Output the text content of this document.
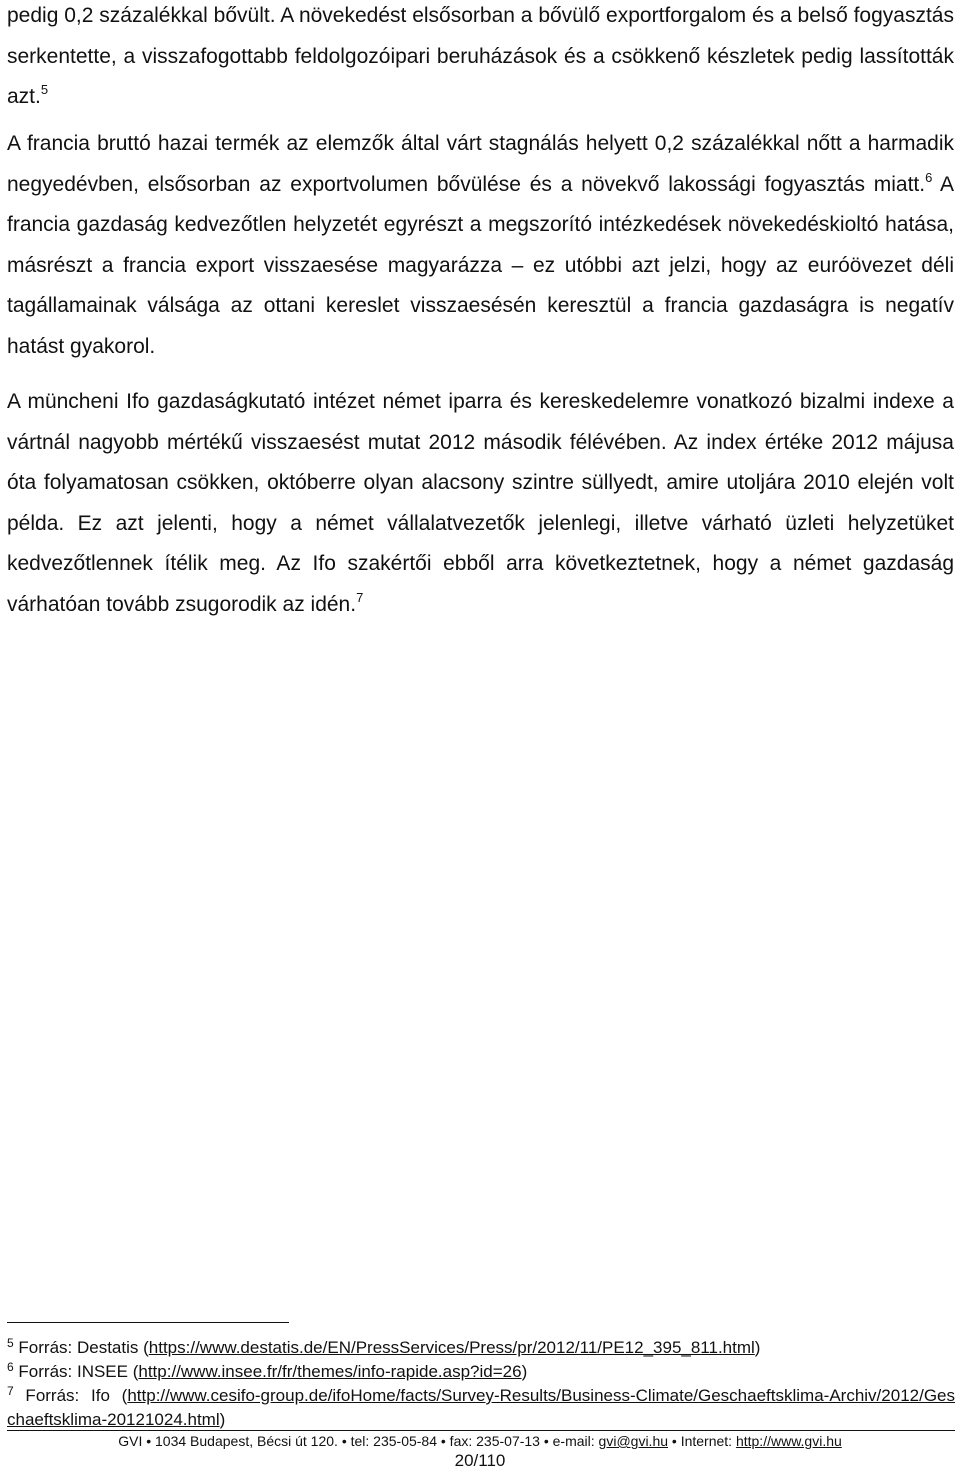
pedig 0,2 százalékkal bővült. A növekedést elsősorban a bővülő exportforgalom és a belső fogyasztás serkentette, a visszafogottabb feldolgozóipari beruházások és a csökkenő készletek pedig lassították azt.$^5$

A francia bruttó hazai termék az elemzők által várt stagnálás helyett 0,2 százalékkal nőtt a harmadik negyedévben, elsősorban az exportvolumen bővülése és a növekvő lakossági fogyasztás miatt.$^6$ A francia gazdaság kedvezőtlen helyzetét egyrészt a megszorító intézkedések növekedéskioltó hatása, másrészt a francia export visszaesése magyarázza – ez utóbbi azt jelzi, hogy az euróövezet déli tagállamainak válsága az ottani kereslet visszaesésén keresztül a francia gazdaságra is negatív hatást gyakorol.

A müncheni Ifo gazdaságkutató intézet német iparra és kereskedelemre vonatkozó bizalmi indexe a vártnál nagyobb mértékű visszaesést mutat 2012 második félévében. Az index értéke 2012 májusa óta folyamatosan csökken, októberre olyan alacsony szintre süllyedt, amire utoljára 2010 elején volt példa. Ez azt jelenti, hogy a német vállalatvezetők jelenlegi, illetve várható üzleti helyzetüket kedvezőtlennek ítélik meg. Az Ifo szakértői ebből arra következtetnek, hogy a német gazdaság várhatóan tovább zsugorodik az idén.$^7$

$^5$ Forrás: Destatis (https://www.destatis.de/EN/PressServices/Press/pr/2012/11/PE12_395_811.html)

$^6$ Forrás: INSEE (http://www.insee.fr/fr/themes/info-rapide.asp?id=26)

$^7$  Forrás:  Ifo  (http://www.cesifo-group.de/ifoHome/facts/Survey-Results/Business-Climate/Geschaeftsklima-Archiv/2012/Geschaeftsklima-20121024.html)

GVI • 1034 Budapest, Bécsi út 120. • tel: 235-05-84 • fax: 235-07-13 • e-mail: gvi@gvi.hu • Internet: http://www.gvi.hu
20/110
